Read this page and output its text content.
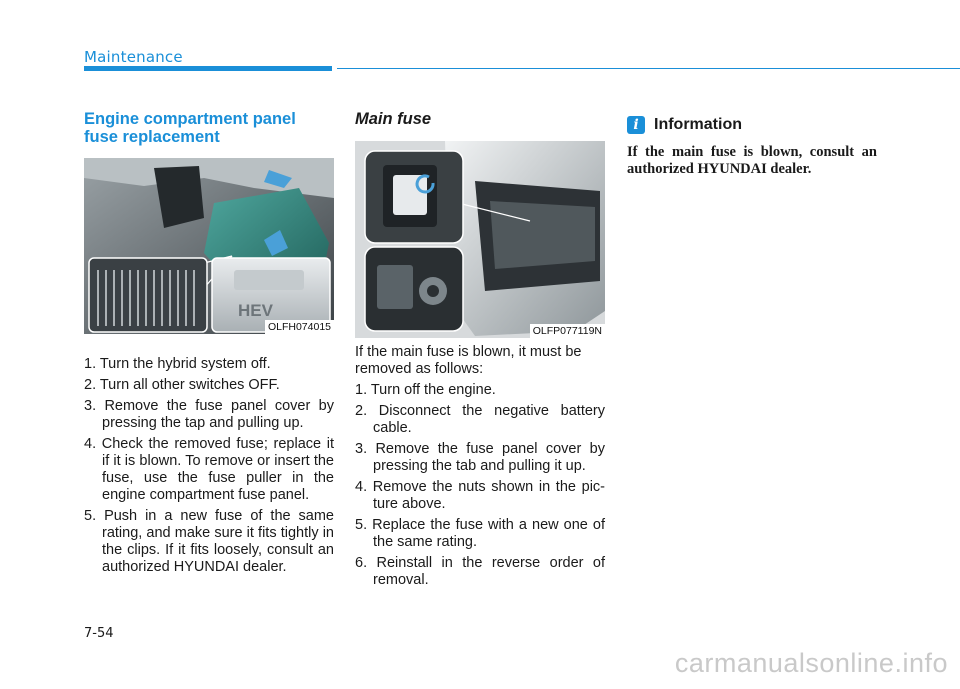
Maintenance
Engine compartment panel fuse replacement
HEV
OLFH074015
1. Turn the hybrid system off.
2. Turn all other switches OFF.
3. Remove the fuse panel cover by pressing the tap and pulling up.
4. Check the removed fuse; replace it if it is blown. To remove or insert the fuse, use the fuse puller in the engine compartment fuse panel.
5. Push in a new fuse of the same rating, and make sure it fits tightly in the clips. If it fits loosely, consult an authorized HYUNDAI dealer.
Main fuse
OLFP077119N

If the main fuse is blown, it must be removed as follows:

1. Turn off the engine.
2. Disconnect the negative battery cable.
3. Remove the fuse panel cover by pressing the tab and pulling it up.
4. Remove the nuts shown in the pic- ture above.
5. Replace the fuse with a new one of the same rating.
6. Reinstall in the reverse order of removal.
i Information

If the main fuse is blown, consult an authorized HYUNDAI dealer.

7-54
carmanualsonline.info
